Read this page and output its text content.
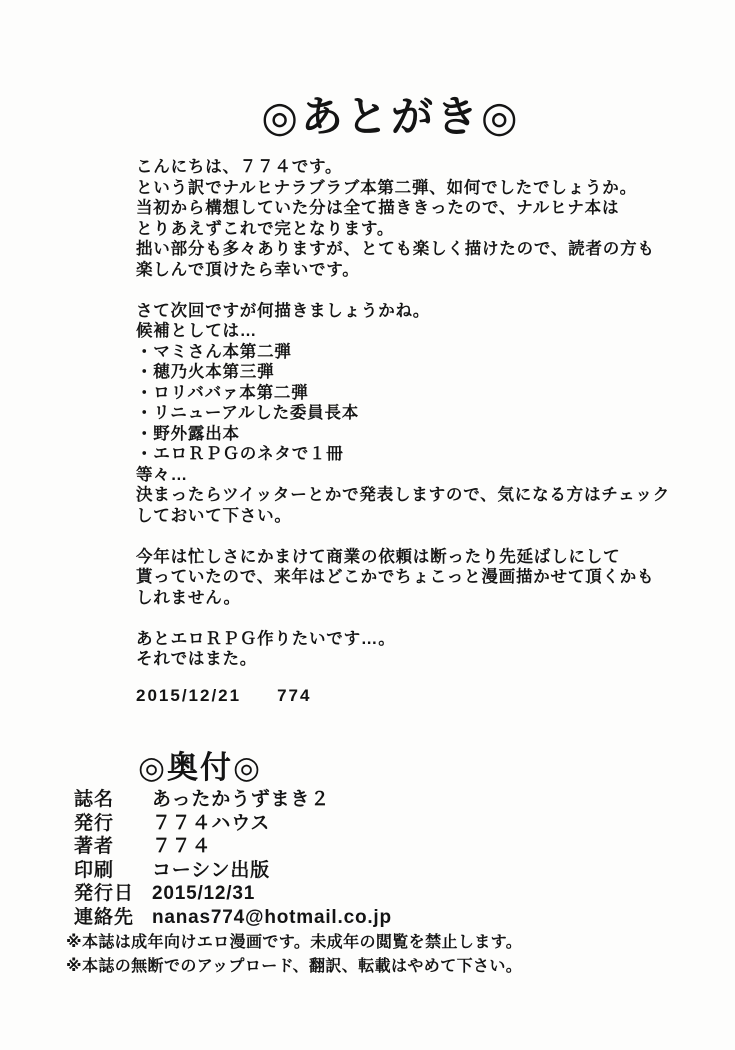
◎あとがき◎
こんにちは、７７４です。
という訳でナルヒナラブラブ本第二弾、如何でしたでしょうか。
当初から構想していた分は全て描ききったので、ナルヒナ本は
とりあえずこれで完となります。
拙い部分も多々ありますが、とても楽しく描けたので、読者の方も
楽しんで頂けたら幸いです。
さて次回ですが何描きましょうかね。
候補としては…
・マミさん本第二弾
・穂乃火本第三弾
・ロリババァ本第二弾
・リニューアルした委員長本
・野外露出本
・エロＲＰＧのネタで１冊
等々…
決まったらツイッターとかで発表しますので、気になる方はチェック
しておいて下さい。
今年は忙しさにかまけて商業の依頼は断ったり先延ばしにして
貰っていたので、来年はどこかでちょこっと漫画描かせて頂くかも
しれません。
あとエロＲＰＧ作りたいです…。
それではまた。
2015/12/21 774
◎奥付◎
誌名	あったかうずまき２
発行	７７４ハウス
著者	７７４
印刷	コーシン出版
発行日 2015/12/31
連絡先 nanas774@hotmail.co.jp
※本誌は成年向けエロ漫画です。未成年の閲覧を禁止します。
※本誌の無断でのアップロード、翻訳、転載はやめて下さい。
